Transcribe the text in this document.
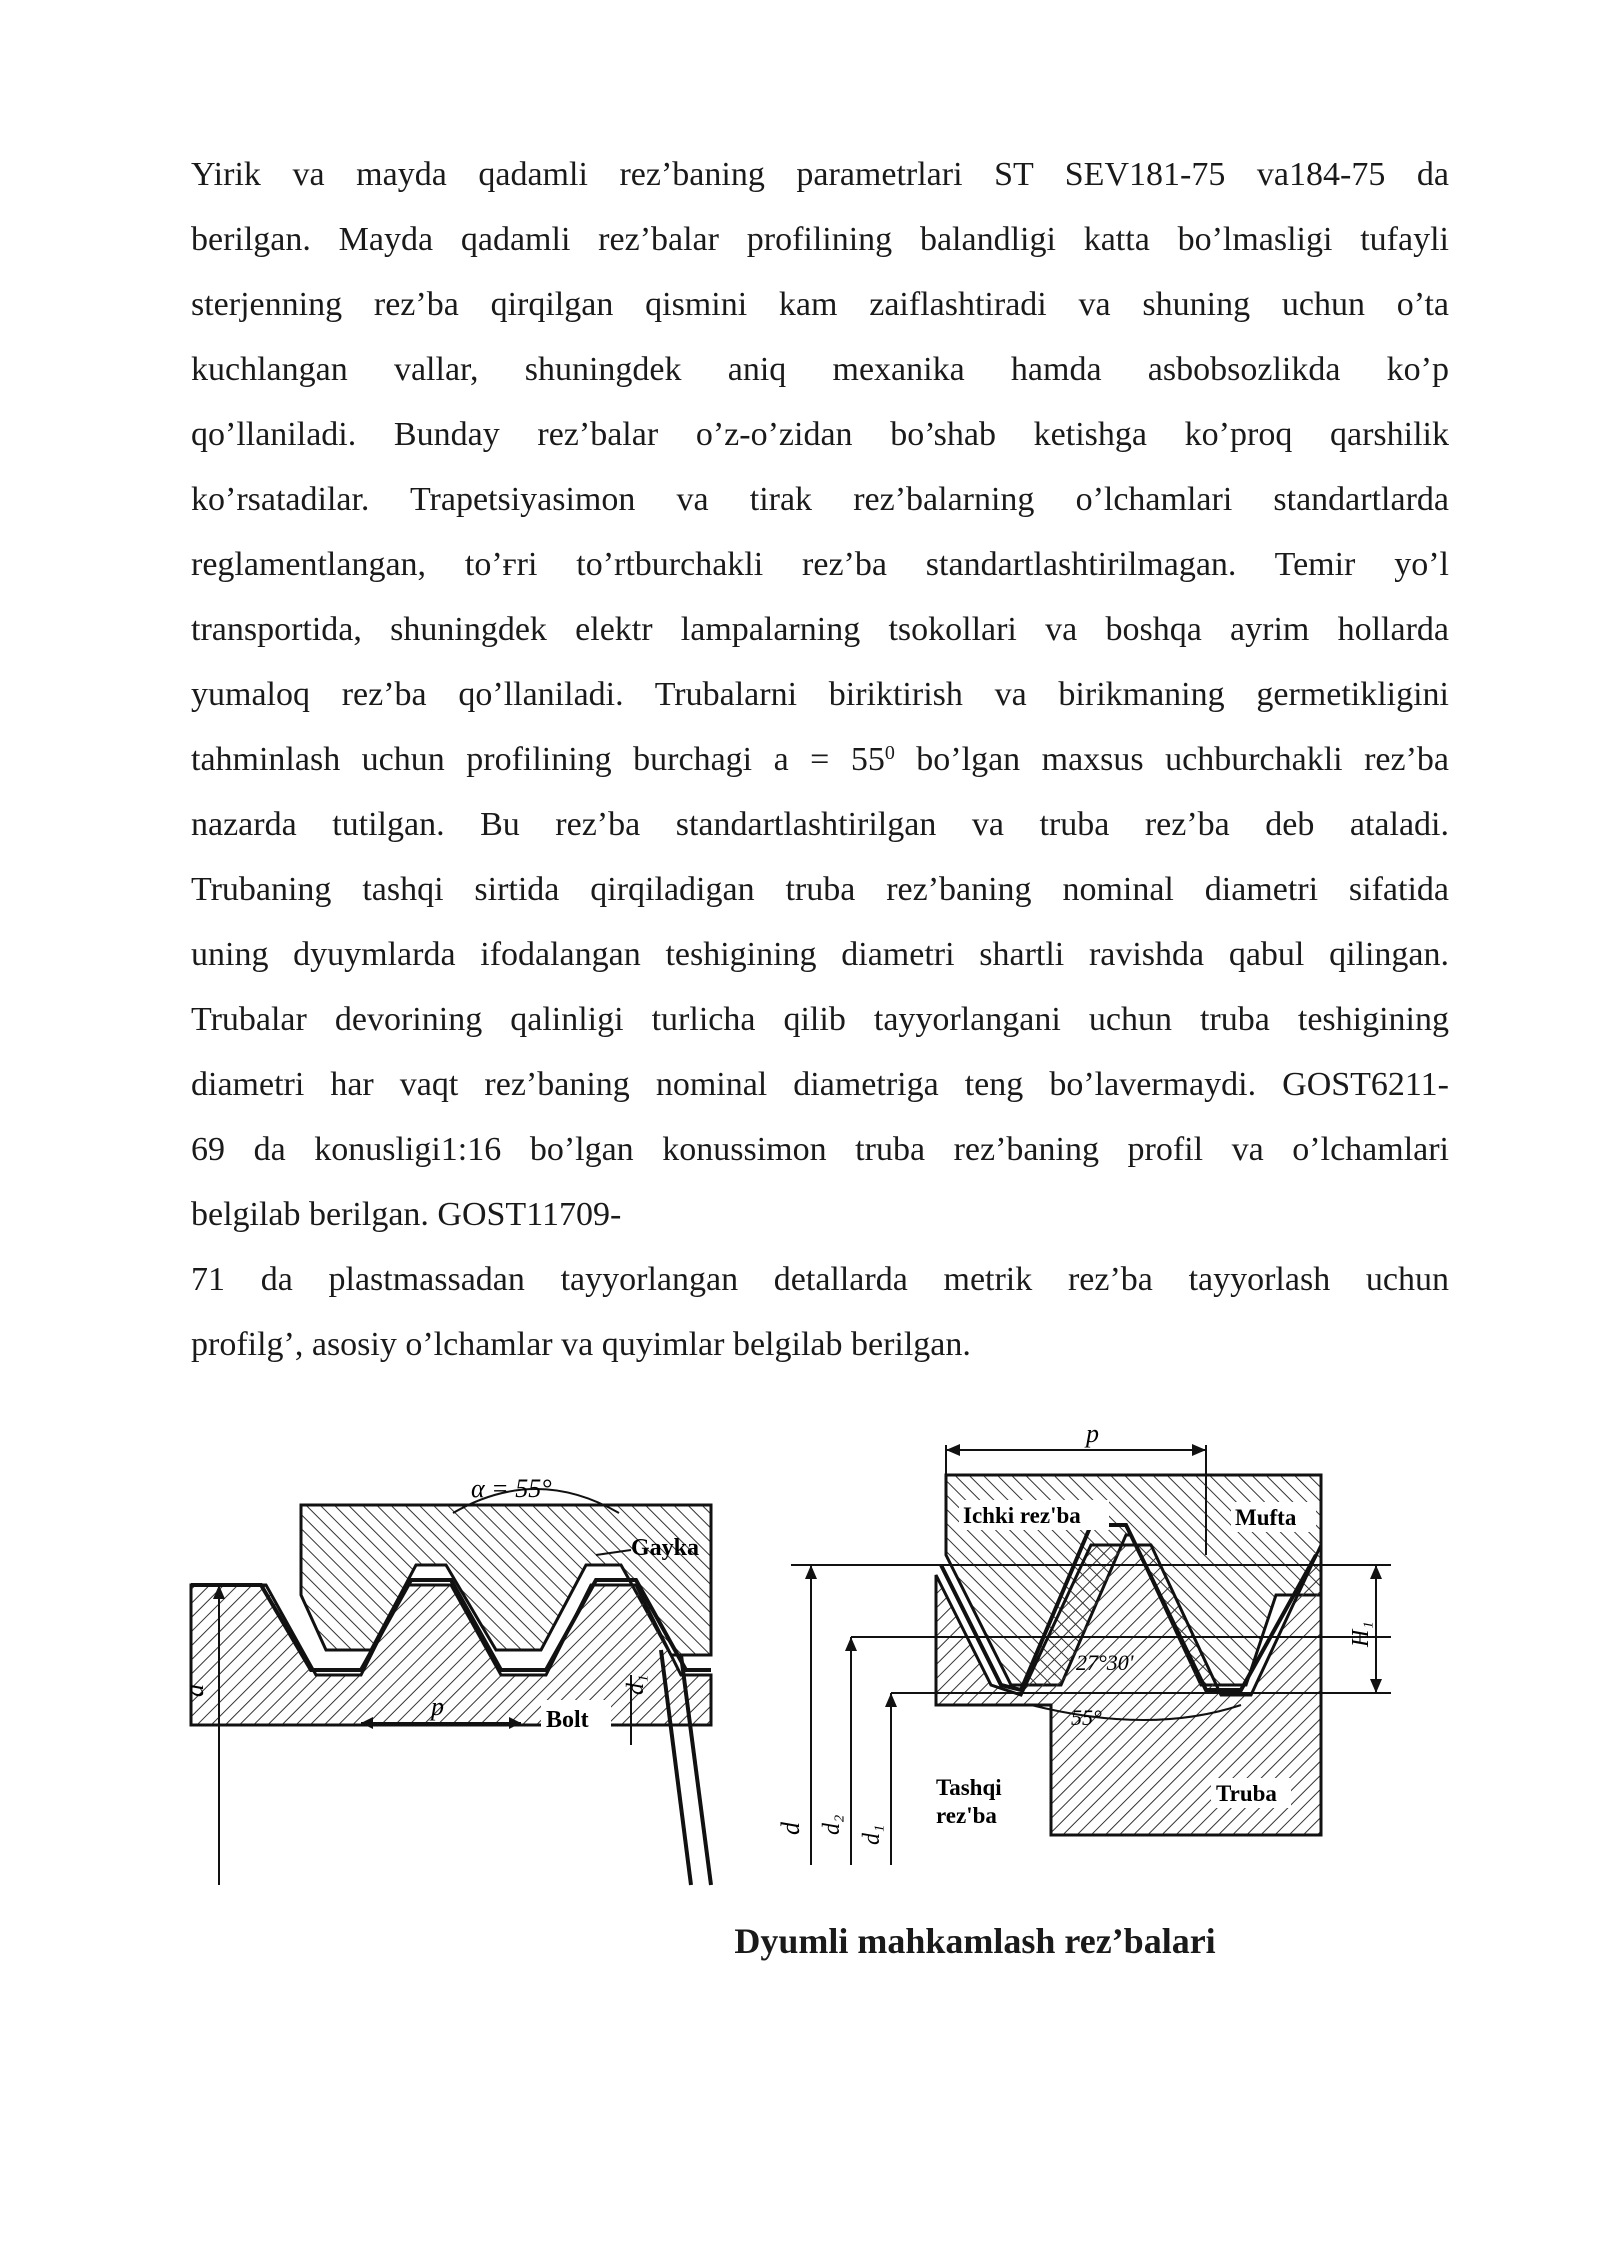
Yirik va mayda qadamli rez’baning parametrlari ST SEV181-75 va184-75 da
berilgan. Mayda qadamli rez’balar profilining balandligi katta bo’lmasligi tufayli
sterjenning rez’ba qirqilgan qismini kam zaiflashtiradi va shuning uchun o’ta
kuchlangan vallar, shuningdek aniq mexanika hamda asbobsozlikda ko’p
qo’llaniladi. Bunday rez’balar o’z-o’zidan bo’shab ketishga ko’proq qarshilik
ko’rsatadilar. Trapetsiyasimon va tirak rez’balarning o’lchamlari standartlarda
reglamentlangan, to’ғri to’rtburchakli rez’ba standartlashtirilmagan. Temir yo’l
transportida, shuningdek elektr lampalarning tsokollari va boshqa ayrim hollarda
yumaloq rez’ba qo’llaniladi. Trubalarni biriktirish va birikmaning germetikligini
tahminlash uchun profilining burchagi $a = 55^0$ bo’lgan maxsus uchburchakli rez’ba
nazarda tutilgan. Bu rez’ba standartlashtirilgan va truba rez’ba deb ataladi.
Trubaning tashqi sirtida qirqiladigan truba rez’baning nominal diametri sifatida
uning dyuymlarda ifodalangan teshigining diametri shartli ravishda qabul qilingan.
Trubalar devorining qalinligi turlicha qilib tayyorlangani uchun truba teshigining
diametri har vaqt rez’baning nominal diametriga teng bo’lavermaydi. GOST6211-
69 da konusligi1:16 bo’lgan konussimon truba rez’baning profil va o’lchamlari
belgilab berilgan. GOST11709-
71 da plastmassadan tayyorlangan detallarda metrik rez’ba tayyorlash uchun
profilg’, asosiy o’lchamlar va quyimlar belgilab berilgan.
α = 55°
Gayka
p	Bolt
a	d₁
p
Ichki rez'ba	Mufta
27°30'
55°
Tashqi
rez'ba
Truba
H₁
d d₂ d₁
Dyumli mahkamlash rez’balari
